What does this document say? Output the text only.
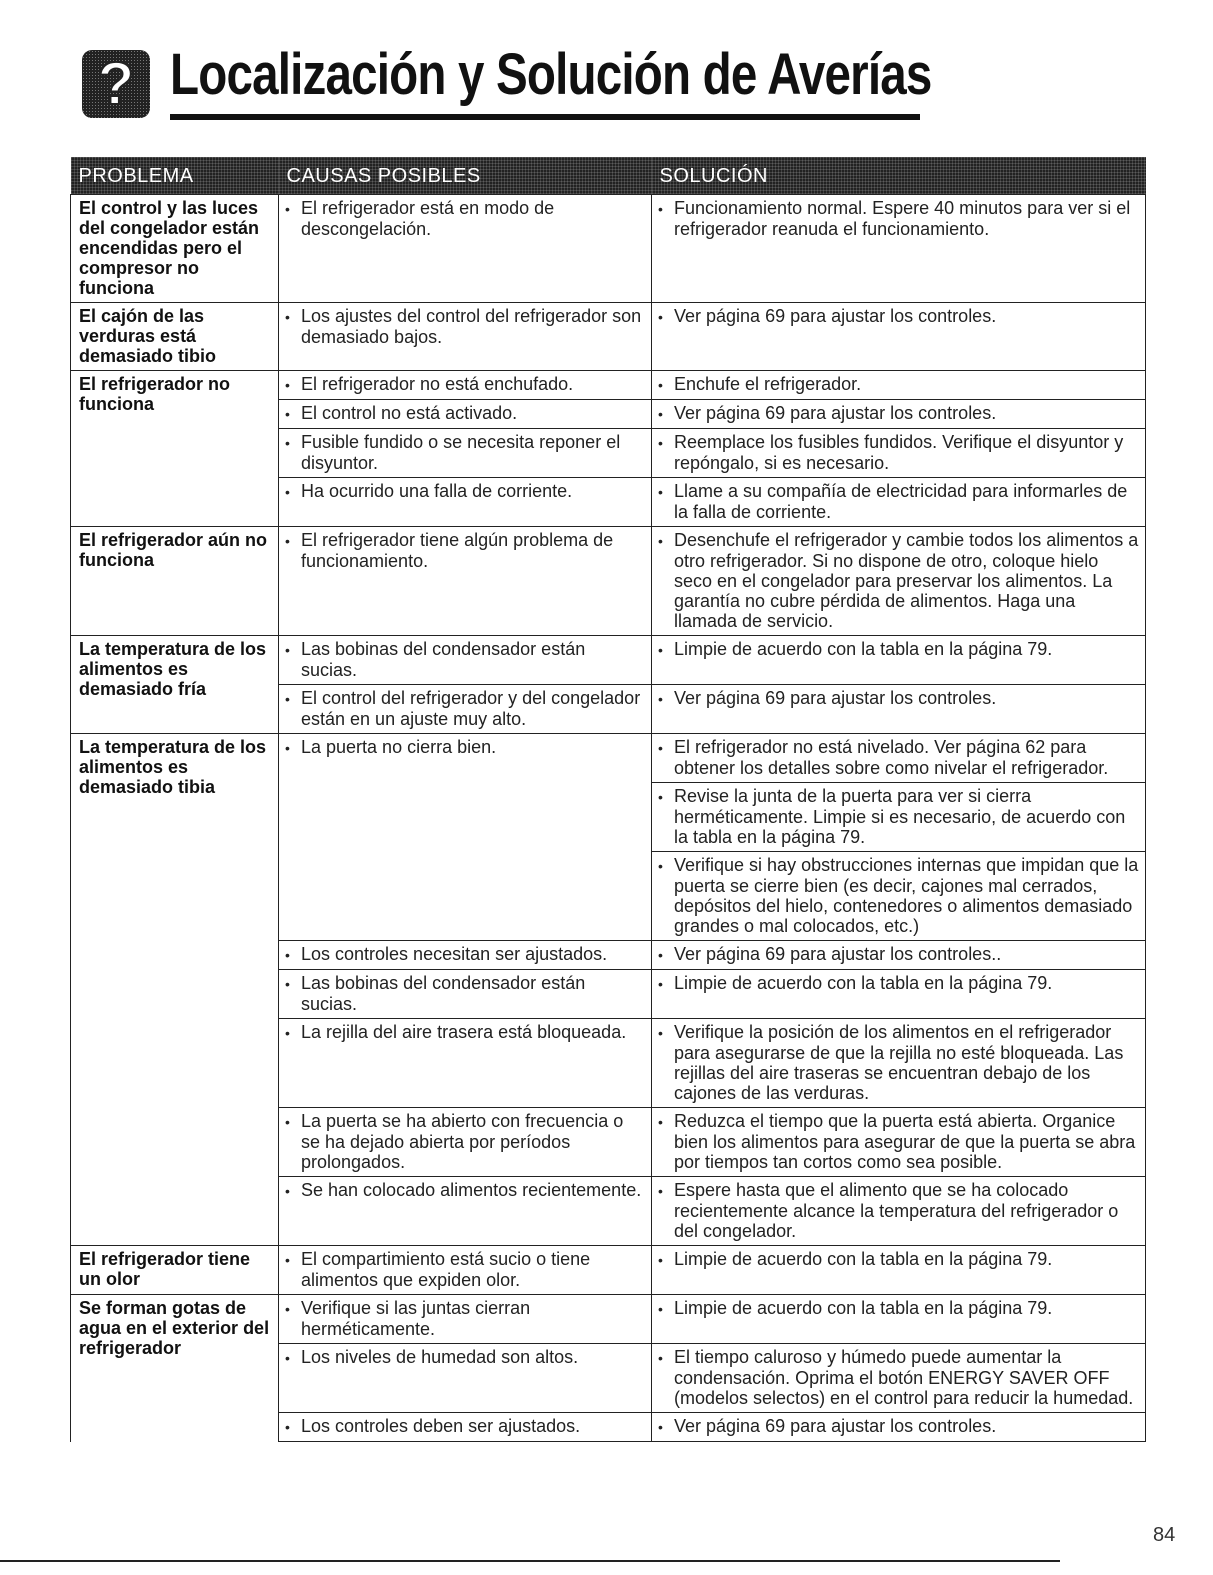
? Localización y Solución de Averías
PROBLEMA	CAUSAS POSIBLES	SOLUCIÓN
El control y las luces del congelador están encendidas pero el compresor no funciona	• El refrigerador está en modo de descongelación.	• Funcionamiento normal. Espere 40 minutos para ver si el refrigerador reanuda el funcionamiento.

El cajón de las verduras está demasiado tibio	• Los ajustes del control del refrigerador son demasiado bajos.	• Ver página 69 para ajustar los controles.

El refrigerador no funciona	• El refrigerador no está enchufado.	• Enchufe el refrigerador.

	• El control no está activado.	• Ver página 69 para ajustar los controles.

	• Fusible fundido o se necesita reponer el disyuntor.	• Reemplace los fusibles fundidos. Verifique el disyuntor y repóngalo, si es necesario.

	• Ha ocurrido una falla de corriente.	• Llame a su compañía de electricidad para informarles de la falla de corriente.

El refrigerador aún no funciona	• El refrigerador tiene algún problema de funcionamiento.	• Desenchufe el refrigerador y cambie todos los alimentos a otro refrigerador. Si no dispone de otro, coloque hielo seco en el congelador para preservar los alimentos. La garantía no cubre pérdida de alimentos. Haga una llamada de servicio.

La temperatura de los alimentos es demasiado fría	• Las bobinas del condensador están sucias.	• Limpie de acuerdo con la tabla en la página 79.

	• El control del refrigerador y del congelador están en un ajuste muy alto.	• Ver página 69 para ajustar los controles.

La temperatura de los alimentos es demasiado tibia	• La puerta no cierra bien.	• El refrigerador no está nivelado. Ver página 62 para obtener los detalles sobre como nivelar el refrigerador.

		• Revise la junta de la puerta para ver si cierra herméticamente. Limpie si es necesario, de acuerdo con la tabla en la página 79.

		• Verifique si hay obstrucciones internas que impidan que la puerta se cierre bien (es decir, cajones mal cerrados, depósitos del hielo, contenedores o alimentos demasiado grandes o mal colocados, etc.)

	• Los controles necesitan ser ajustados.	• Ver página 69 para ajustar los controles..

	• Las bobinas del condensador están sucias.	• Limpie de acuerdo con la tabla en la página 79.

	• La rejilla del aire trasera está bloqueada.	• Verifique la posición de los alimentos en el refrigerador para asegurarse de que la rejilla no esté bloqueada. Las rejillas del aire traseras se encuentran debajo de los cajones de las verduras.

	• La puerta se ha abierto con frecuencia o se ha dejado abierta por períodos prolongados.	• Reduzca el tiempo que la puerta está abierta. Organice bien los alimentos para asegurar de que la puerta se abra por tiempos tan cortos como sea posible.

	• Se han colocado alimentos recientemente.	• Espere hasta que el alimento que se ha colocado recientemente alcance la temperatura del refrigerador o del congelador.

El refrigerador tiene un olor	• El compartimiento está sucio o tiene alimentos que expiden olor.	• Limpie de acuerdo con la tabla en la página 79.

Se forman gotas de agua en el exterior del refrigerador	• Verifique si las juntas cierran herméticamente.	• Limpie de acuerdo con la tabla en la página 79.

	• Los niveles de humedad son altos.	• El tiempo caluroso y húmedo puede aumentar la condensación. Oprima el botón ENERGY SAVER OFF (modelos selectos) en el control para reducir la humedad.

	• Los controles deben ser ajustados.	• Ver página 69 para ajustar los controles.
84
